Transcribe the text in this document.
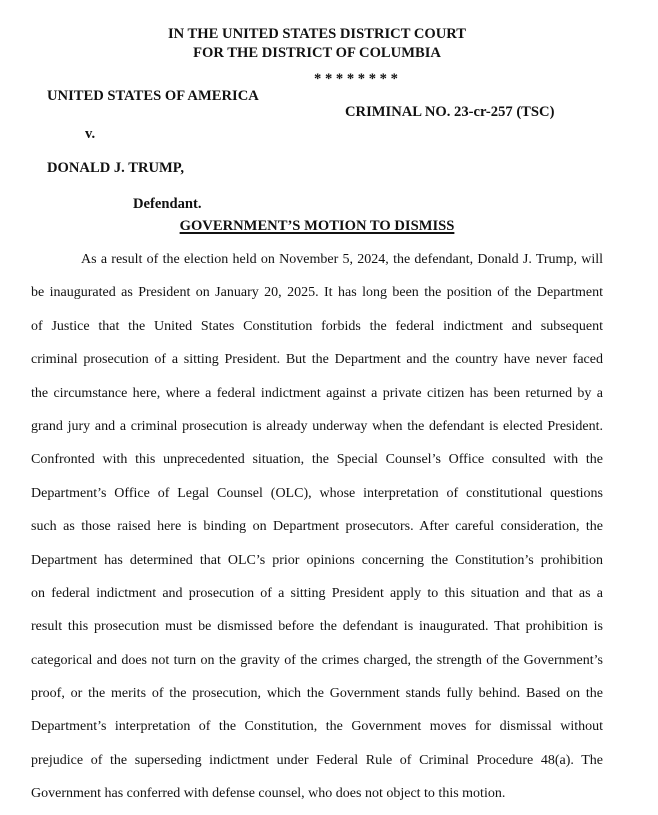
IN THE UNITED STATES DISTRICT COURT
FOR THE DISTRICT OF COLUMBIA
UNITED STATES OF AMERICA
v.
DONALD J. TRUMP,
Defendant.
* * * * * * * *
CRIMINAL NO. 23-cr-257 (TSC)
GOVERNMENT’S MOTION TO DISMISS
As a result of the election held on November 5, 2024, the defendant, Donald J. Trump, will
be inaugurated as President on January 20, 2025. It has long been the position of the Department
of Justice that the United States Constitution forbids the federal indictment and subsequent
criminal prosecution of a sitting President. But the Department and the country have never faced
the circumstance here, where a federal indictment against a private citizen has been returned by a
grand jury and a criminal prosecution is already underway when the defendant is elected President.
Confronted with this unprecedented situation, the Special Counsel’s Office consulted with the
Department’s Office of Legal Counsel (OLC), whose interpretation of constitutional questions
such as those raised here is binding on Department prosecutors. After careful consideration, the
Department has determined that OLC’s prior opinions concerning the Constitution’s prohibition
on federal indictment and prosecution of a sitting President apply to this situation and that as a
result this prosecution must be dismissed before the defendant is inaugurated. That prohibition is
categorical and does not turn on the gravity of the crimes charged, the strength of the Government’s
proof, or the merits of the prosecution, which the Government stands fully behind. Based on the
Department’s interpretation of the Constitution, the Government moves for dismissal without
prejudice of the superseding indictment under Federal Rule of Criminal Procedure 48(a). The
Government has conferred with defense counsel, who does not object to this motion.
